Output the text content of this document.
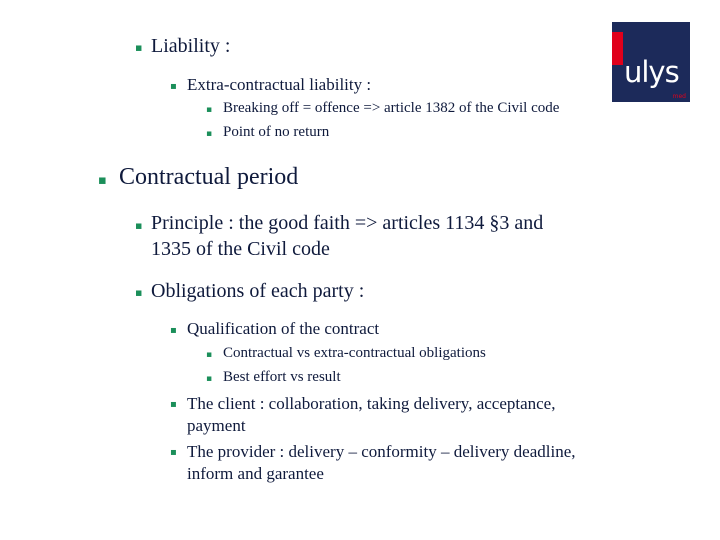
ulys
med
▪ Liability :
▪ Extra-contractual liability :
▪ Breaking off = offence => article 1382 of the Civil code
▪ Point of no return
▪ Contractual period
▪ Principle : the good faith => articles 1134 §3 and
1335 of the Civil code
▪ Obligations of each party :
▪ Qualification of the contract
▪ Contractual vs extra-contractual obligations
▪ Best effort vs result
▪ The client : collaboration, taking delivery, acceptance,
payment
▪ The provider : delivery – conformity – delivery deadline,
inform and garantee
